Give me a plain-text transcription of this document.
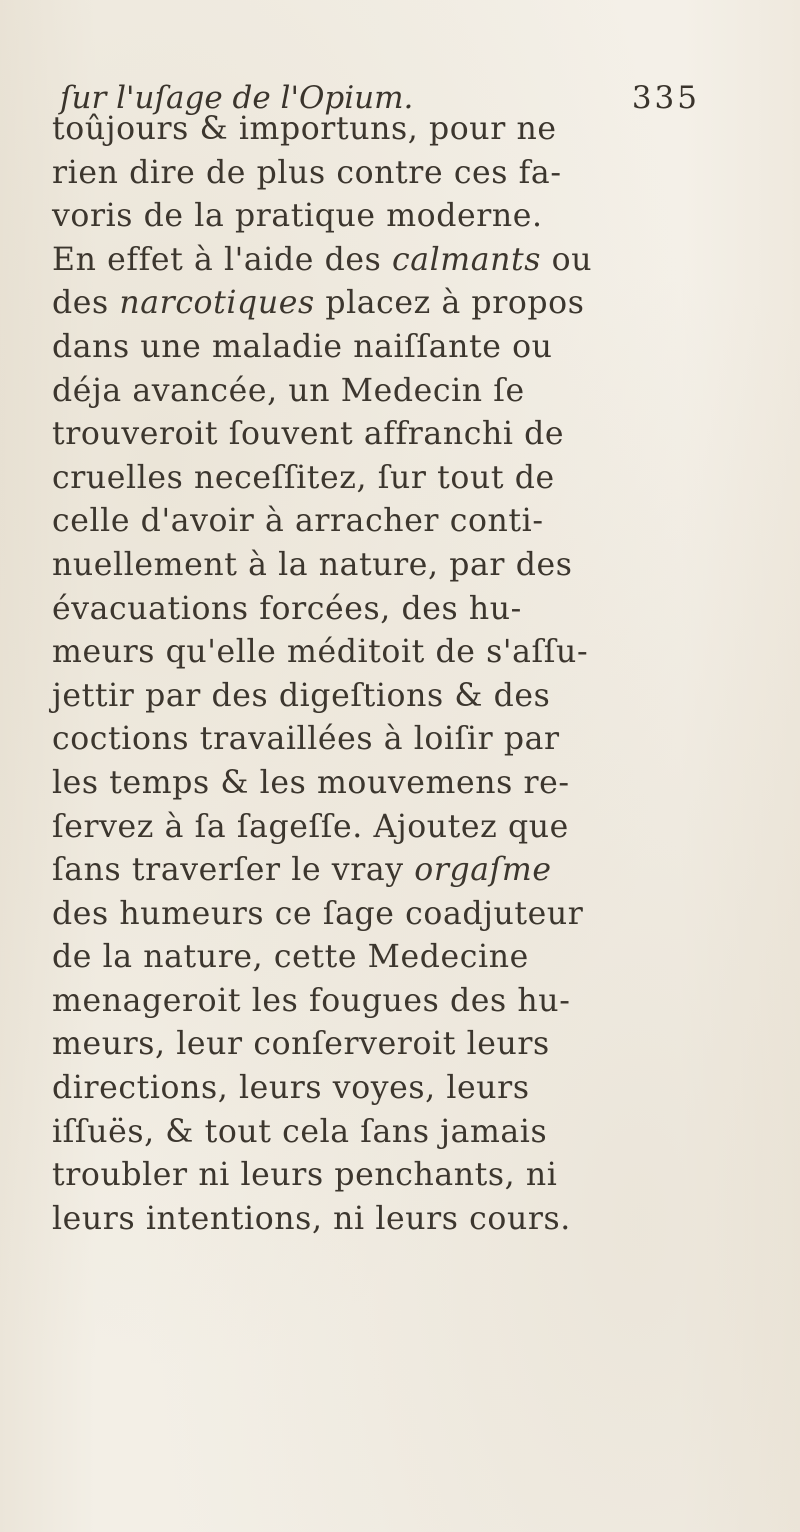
ſur l'uſage de l'Opium.	335
toûjours & importuns, pour ne
rien dire de plus contre ces fa-
voris de la pratique moderne.
En effet à l'aide des calmants ou
des narcotiques placez à propos
dans une maladie naiſſante ou
déja avancée, un Medecin ſe
trouveroit ſouvent affranchi de
cruelles neceſſitez, ſur tout de
celle d'avoir à arracher conti-
nuellement à la nature, par des
évacuations forcées, des hu-
meurs qu'elle méditoit de s'aſſu-
jettir par des digeſtions & des
coctions travaillées à loiſir par
les temps & les mouvemens re-
ſervez à ſa ſageſſe. Ajoutez que
ſans traverſer le vray orgaſme
des humeurs ce ſage coadjuteur
de la nature, cette Medecine
menageroit les fougues des hu-
meurs, leur conſerveroit leurs
directions, leurs voyes, leurs
iſſuës, & tout cela ſans jamais
troubler ni leurs penchants, ni
leurs intentions, ni leurs cours.
